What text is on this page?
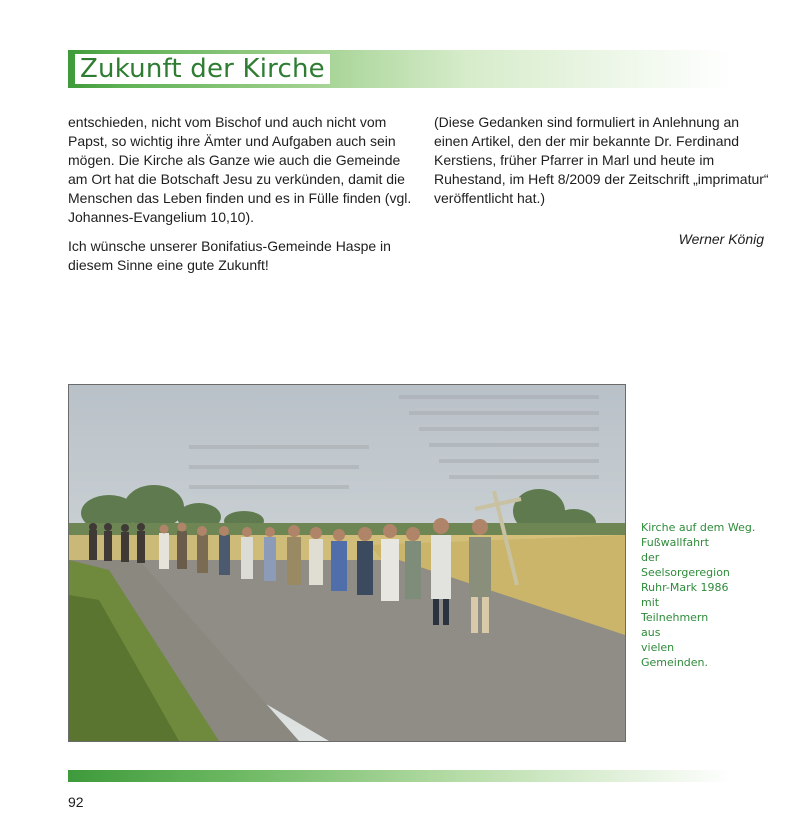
Zukunft der Kirche

entschieden, nicht vom Bischof und auch nicht vom Papst, so wichtig ihre Ämter und Aufgaben auch sein mögen. Die Kirche als Ganze wie auch die Gemeinde am Ort hat die Botschaft Jesu zu verkünden, damit die Menschen das Leben finden und es in Fülle finden (vgl. Johannes-Evangelium 10,10).

Ich wünsche unserer Bonifatius-Gemeinde Haspe in diesem Sinne eine gute Zukunft!

(Diese Gedanken sind formuliert in Anlehnung an einen Artikel, den der mir bekannte Dr. Ferdinand Kerstiens, früher Pfarrer in Marl und heute im Ruhestand, im Heft 8/2009 der Zeitschrift „imprimatur“ veröffentlicht hat.)

Werner König
Kirche auf dem Weg.
Fußwallfahrt
der
Seelsorgeregion
Ruhr-Mark 1986
mit
Teilnehmern
aus
vielen
Gemeinden.
92
